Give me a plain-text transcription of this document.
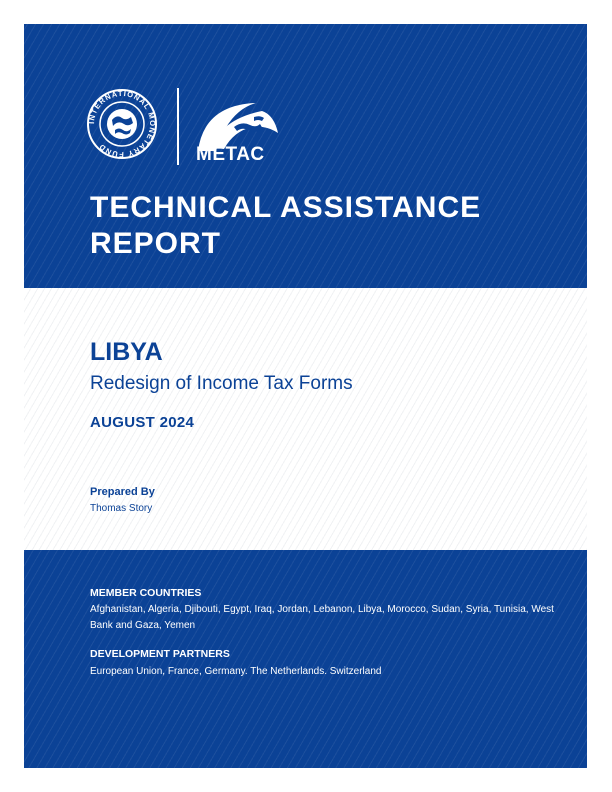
INTERNATIONAL MONETARY FUND	METAC
TECHNICAL ASSISTANCE REPORT
LIBYA

Redesign of Income Tax Forms

AUGUST 2024

Prepared By

Thomas Story

MEMBER COUNTRIES

Afghanistan, Algeria, Djibouti, Egypt, Iraq, Jordan, Lebanon, Libya, Morocco, Sudan, Syria, Tunisia, West Bank and Gaza, Yemen

DEVELOPMENT PARTNERS

European Union, France, Germany. The Netherlands. Switzerland
